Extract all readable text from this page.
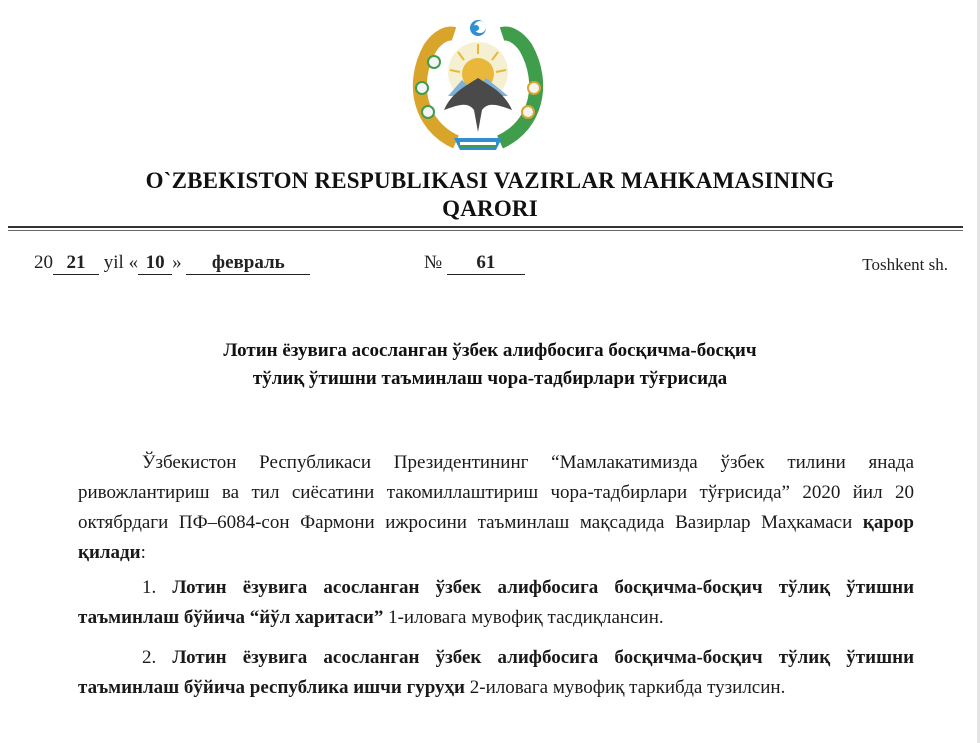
O`ZBEKISTON RESPUBLIKASI VAZIRLAR MAHKAMASINING
QARORI
20 21 yil « 10 » февраль	№ 61	Toshkent sh.
Лотин ёзувига асосланган ўзбек алифбосига босқичма-босқич
тўлиқ ўтишни таъминлаш чора-тадбирлари тўғрисида

Ўзбекистон Республикаси Президентининг “Мамлакатимизда ўзбек тилини янада ривожлантириш ва тил сиёсатини такомиллаштириш чора-тадбирлари тўғрисида” 2020 йил 20 октябрдаги ПФ–6084-сон Фармони ижросини таъминлаш мақсадида Вазирлар Маҳкамаси қарор қилади:

1. Лотин ёзувига асосланган ўзбек алифбосига босқичма-босқич тўлиқ ўтишни таъминлаш бўйича “йўл харитаси” 1-иловага мувофиқ тасдиқлансин.

2. Лотин ёзувига асосланган ўзбек алифбосига босқичма-босқич тўлиқ ўтишни таъминлаш бўйича республика ишчи гуруҳи 2-иловага мувофиқ таркибда тузилсин.
